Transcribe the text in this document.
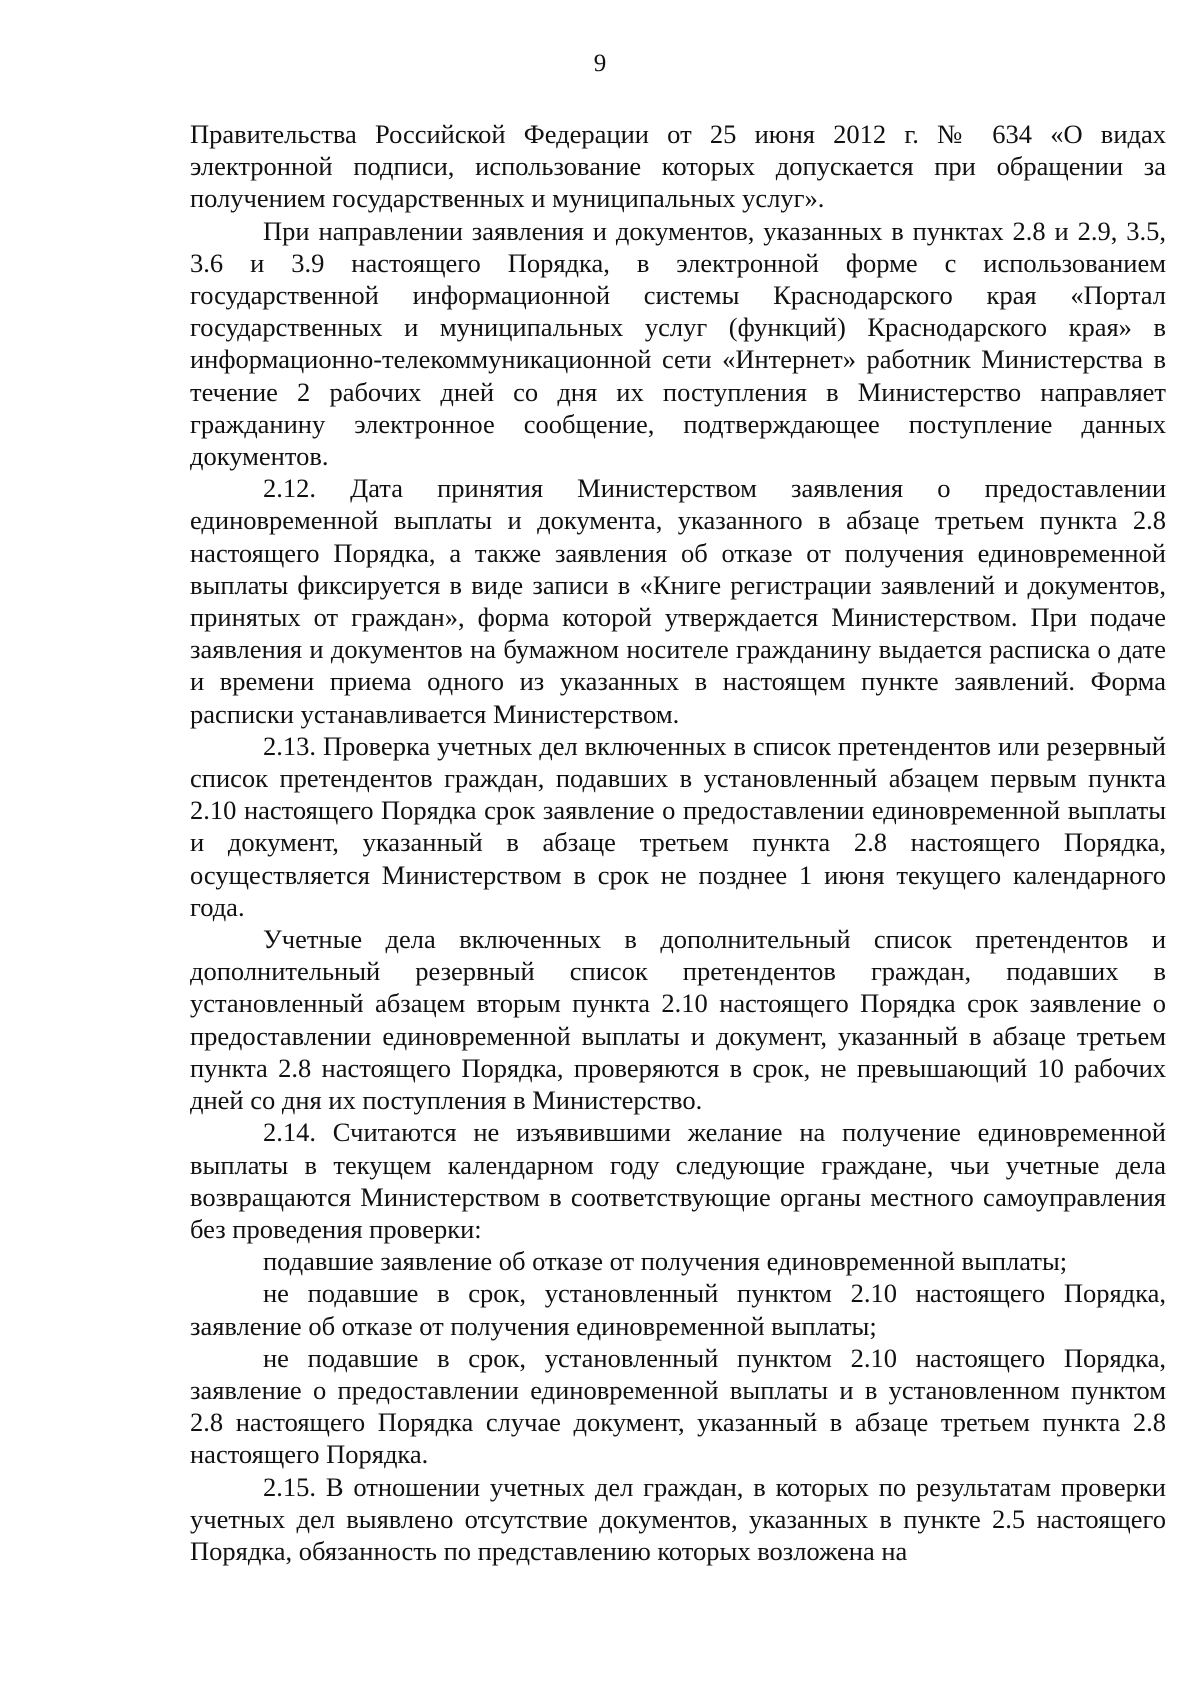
9

Правительства Российской Федерации от 25 июня 2012 г. № 634 «О видах электронной подписи, использование которых допускается при обращении за получением государственных и муниципальных услуг».

При направлении заявления и документов, указанных в пунктах 2.8 и 2.9, 3.5, 3.6 и 3.9 настоящего Порядка, в электронной форме с использованием государственной информационной системы Краснодарского края «Портал государственных и муниципальных услуг (функций) Краснодарского края» в информационно-телекоммуникационной сети «Интернет» работник Министерства в течение 2 рабочих дней со дня их поступления в Министерство направляет гражданину электронное сообщение, подтверждающее поступление данных документов.

2.12. Дата принятия Министерством заявления о предоставлении единовременной выплаты и документа, указанного в абзаце третьем пункта 2.8 настоящего Порядка, а также заявления об отказе от получения единовременной выплаты фиксируется в виде записи в «Книге регистрации заявлений и документов, принятых от граждан», форма которой утверждается Министерством. При подаче заявления и документов на бумажном носителе гражданину выдается расписка о дате и времени приема одного из указанных в настоящем пункте заявлений. Форма расписки устанавливается Министерством.

2.13. Проверка учетных дел включенных в список претендентов или резервный список претендентов граждан, подавших в установленный абзацем первым пункта 2.10 настоящего Порядка срок заявление о предоставлении единовременной выплаты и документ, указанный в абзаце третьем пункта 2.8 настоящего Порядка, осуществляется Министерством в срок не позднее 1 июня текущего календарного года.

Учетные дела включенных в дополнительный список претендентов и дополнительный резервный список претендентов граждан, подавших в установленный абзацем вторым пункта 2.10 настоящего Порядка срок заявление о предоставлении единовременной выплаты и документ, указанный в абзаце третьем пункта 2.8 настоящего Порядка, проверяются в срок, не превышающий 10 рабочих дней со дня их поступления в Министерство.

2.14. Считаются не изъявившими желание на получение единовременной выплаты в текущем календарном году следующие граждане, чьи учетные дела возвращаются Министерством в соответствующие органы местного самоуправления без проведения проверки:

подавшие заявление об отказе от получения единовременной выплаты;

не подавшие в срок, установленный пунктом 2.10 настоящего Порядка, заявление об отказе от получения единовременной выплаты;

не подавшие в срок, установленный пунктом 2.10 настоящего Порядка, заявление о предоставлении единовременной выплаты и в установленном пунктом 2.8 настоящего Порядка случае документ, указанный в абзаце третьем пункта 2.8 настоящего Порядка.

2.15. В отношении учетных дел граждан, в которых по результатам проверки учетных дел выявлено отсутствие документов, указанных в пункте 2.5 настоящего Порядка, обязанность по представлению которых возложена на
